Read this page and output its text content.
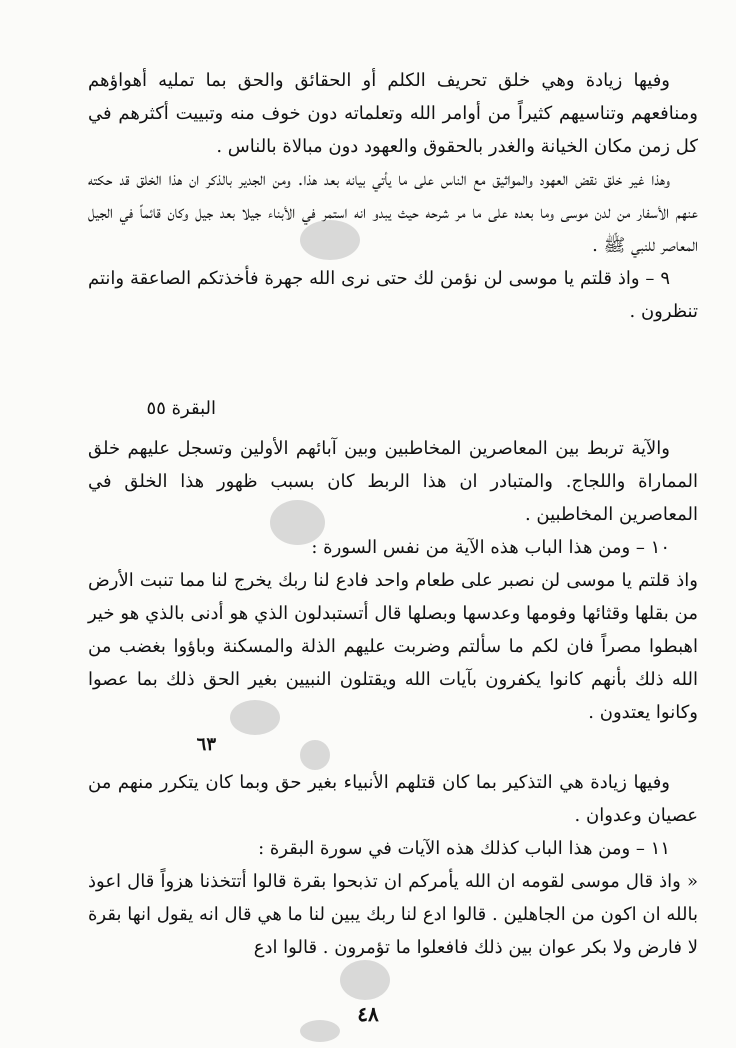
وفيها زيادة وهي خلق تحريف الكلم أو الحقائق والحق بما تمليه أهواؤهم ومنافعهم وتناسيهم كثيراً من أوامر الله وتعلماته دون خوف منه وتبييت أكثرهم في كل زمن مكان الخيانة والغدر بالحقوق والعهود دون مبالاة بالناس .

وهذا غير خلق نقض العهود والمواثيق مع الناس على ما يأتي بيانه بعد هذا. ومن الجدير بالذكر ان هذا الخلق قد حكته عنهم الأسفار من لدن موسى وما بعده على ما مر شرحه حيث يبدو انه استمر في الأبناء جيلا بعد جيل وكان قائماً في الجيل المعاصر للنبي ﷺ .

٩ – واذ قلتم يا موسى لن نؤمن لك حتى نرى الله جهرة فأخذتكم الصاعقة وانتم تنظرون .

البقرة ٥٥

والآية تربط بين المعاصرين المخاطبين وبين آبائهم الأولين وتسجل عليهم خلق المماراة واللجاج. والمتبادر ان هذا الربط كان بسبب ظهور هذا الخلق في المعاصرين المخاطبين .

١٠ – ومن هذا الباب هذه الآية من نفس السورة :

واذ قلتم يا موسى لن نصبر على طعام واحد فادع لنا ربك يخرج لنا مما تنبت الأرض من بقلها وقثائها وفومها وعدسها وبصلها قال أتستبدلون الذي هو أدنى بالذي هو خير اهبطوا مصراً فان لكم ما سألتم وضربت عليهم الذلة والمسكنة وباؤوا بغضب من الله ذلك بأنهم كانوا يكفرون بآيات الله ويقتلون النبيين بغير الحق ذلك بما عصوا وكانوا يعتدون .

٦٣

وفيها زيادة هي التذكير بما كان قتلهم الأنبياء بغير حق وبما كان يتكرر منهم من عصيان وعدوان .

١١ – ومن هذا الباب كذلك هذه الآيات في سورة البقرة :

« واذ قال موسى لقومه ان الله يأمركم ان تذبحوا بقرة قالوا أتتخذنا هزواً قال اعوذ بالله ان اكون من الجاهلين . قالوا ادع لنا ربك يبين لنا ما هي قال انه يقول انها بقرة لا فارض ولا بكر عوان بين ذلك فافعلوا ما تؤمرون . قالوا ادع

٤٨
